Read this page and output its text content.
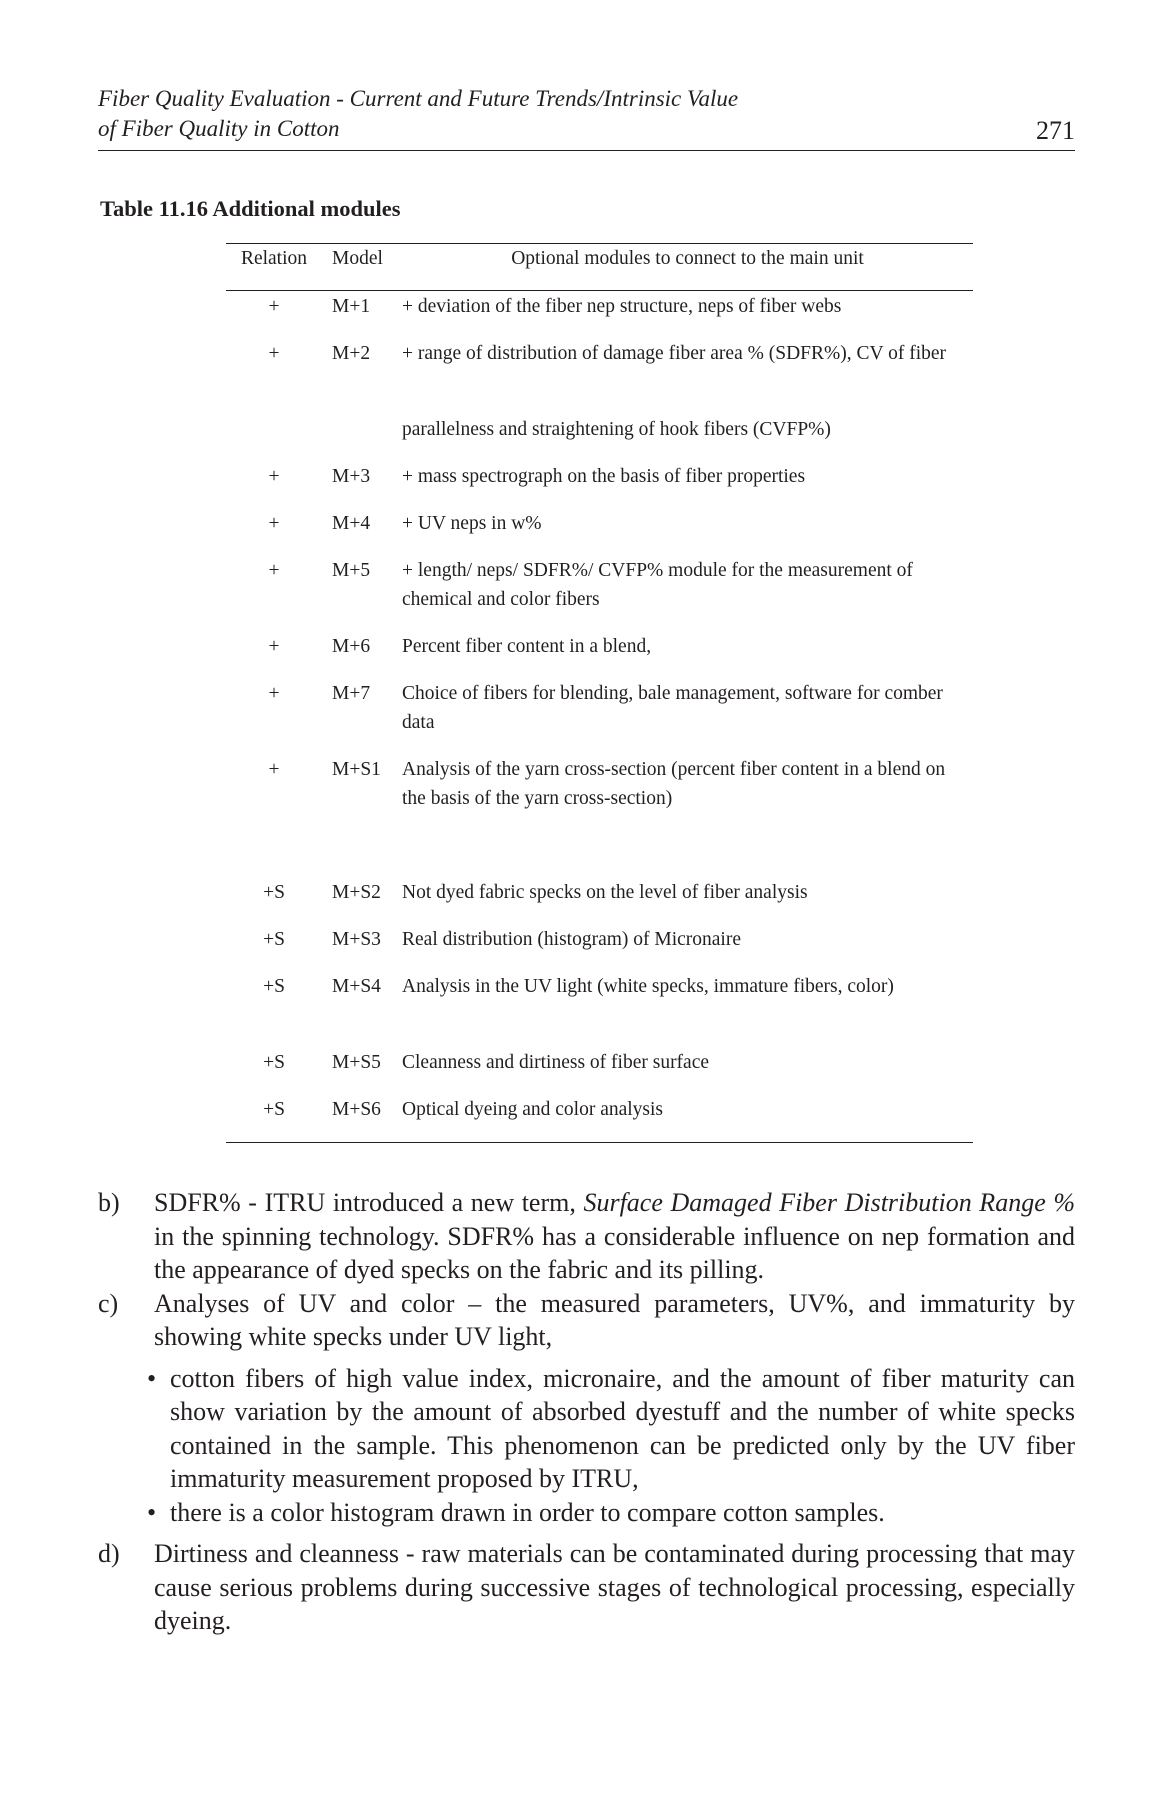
Fiber Quality Evaluation - Current and Future Trends/Intrinsic Value
of Fiber Quality in Cotton	271

Table 11.16 Additional modules

Relation	Model	Optional modules to connect to the main unit
+	M+1	+ deviation of the fiber nep structure, neps of fiber webs
+	M+2	+ range of distribution of damage fiber area % (SDFR%), CV of fiber
		parallelness and straightening of hook fibers (CVFP%)
+	M+3	+ mass spectrograph on the basis of fiber properties
+	M+4	+ UV neps in w%
+	M+5	+ length/ neps/ SDFR%/ CVFP% module for the measurement of chemical and color fibers
+	M+6	Percent fiber content in a blend,
+	M+7	Choice of fibers for blending, bale management, software for comber data
+	M+S1	Analysis of the yarn cross-section (percent fiber content in a blend on the basis of the yarn cross-section)
+S	M+S2	Not dyed fabric specks on the level of fiber analysis
+S	M+S3	Real distribution (histogram) of Micronaire
+S	M+S4	Analysis in the UV light (white specks, immature fibers, color)
+S	M+S5	Cleanness and dirtiness of fiber surface
+S	M+S6	Optical dyeing and color analysis
b)	SDFR% - ITRU introduced a new term, Surface Damaged Fiber Distribution Range % in the spinning technology. SDFR% has a considerable influence on nep formation and the appearance of dyed specks on the fabric and its pilling.
c)	Analyses of UV and color – the measured parameters, UV%, and immaturity by showing white specks under UV light,
• cotton fibers of high value index, micronaire, and the amount of fiber maturity can show variation by the amount of absorbed dyestuff and the number of white specks contained in the sample. This phenomenon can be predicted only by the UV fiber immaturity measurement proposed by ITRU,
• there is a color histogram drawn in order to compare cotton samples.
d)	Dirtiness and cleanness - raw materials can be contaminated during processing that may cause serious problems during successive stages of technological processing, especially dyeing.
